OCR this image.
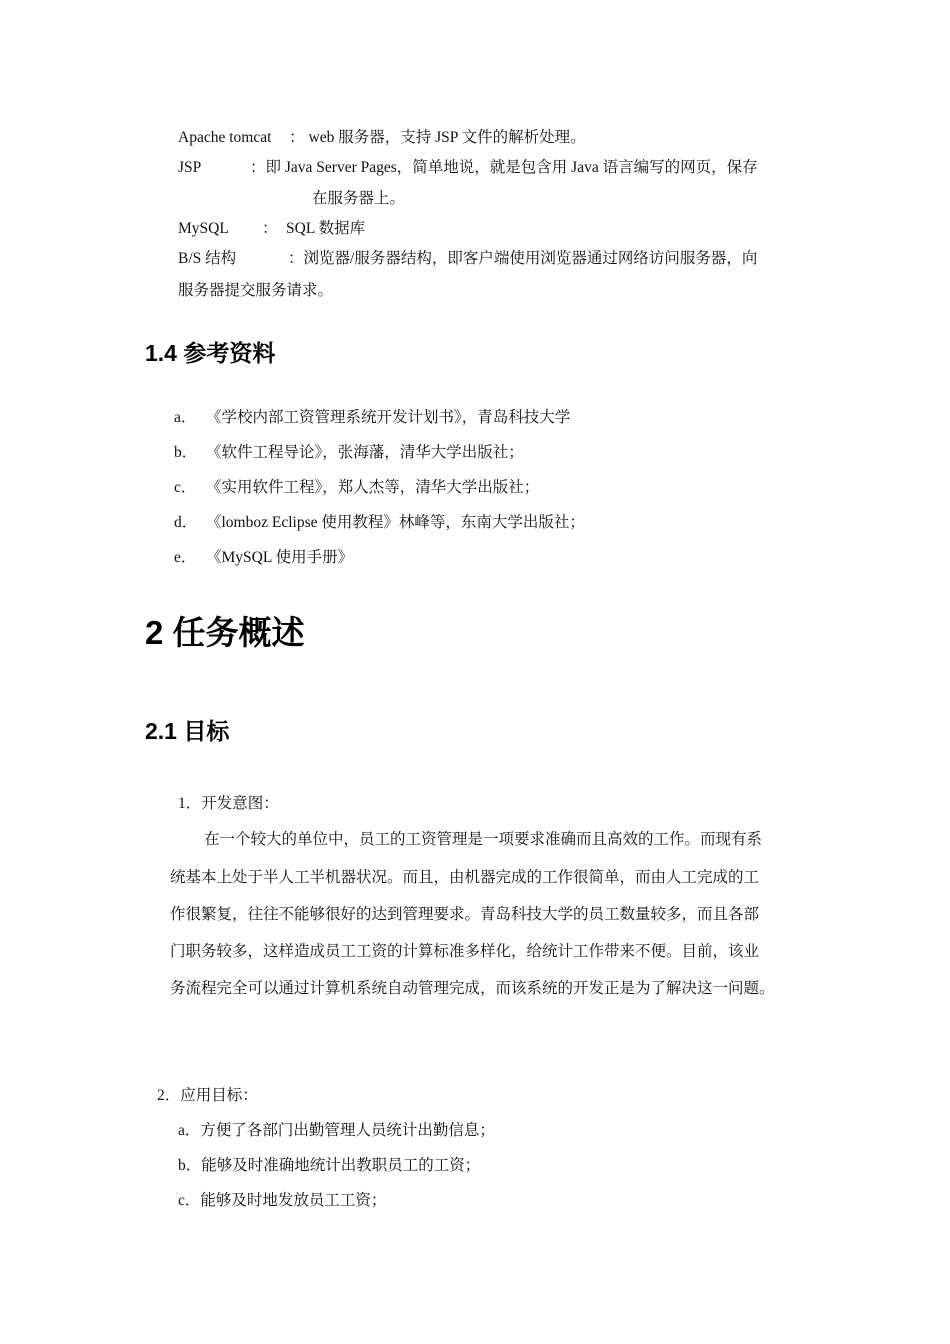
Apache tomcat ： web 服务器，支持 JSP 文件的解析处理。
JSP	：即 Java Server Pages，简单地说，就是包含用 Java 语言编写的网页，保存
在服务器上。
MySQL ： SQL 数据库
B/S 结构	：浏览器/服务器结构，即客户端使用浏览器通过网络访问服务器，向
服务器提交服务请求。
1.4 参考资料
a． 《学校内部工资管理系统开发计划书》，青岛科技大学
b． 《软件工程导论》，张海藩，清华大学出版社；
c． 《实用软件工程》，郑人杰等，清华大学出版社；
d． 《lomboz Eclipse 使用教程》林峰等，东南大学出版社；
e． 《MySQL 使用手册》
2 任务概述
2.1 目标
1．开发意图：
在一个较大的单位中，员工的工资管理是一项要求准确而且高效的工作。而现有系
统基本上处于半人工半机器状况。而且，由机器完成的工作很简单，而由人工完成的工
作很繁复，往往不能够很好的达到管理要求。青岛科技大学的员工数量较多，而且各部
门职务较多，这样造成员工工资的计算标准多样化，给统计工作带来不便。目前，该业
务流程完全可以通过计算机系统自动管理完成，而该系统的开发正是为了解决这一问题。
2．应用目标：
a．方便了各部门出勤管理人员统计出勤信息；
b．能够及时准确地统计出教职员工的工资；
c．能够及时地发放员工工资；
